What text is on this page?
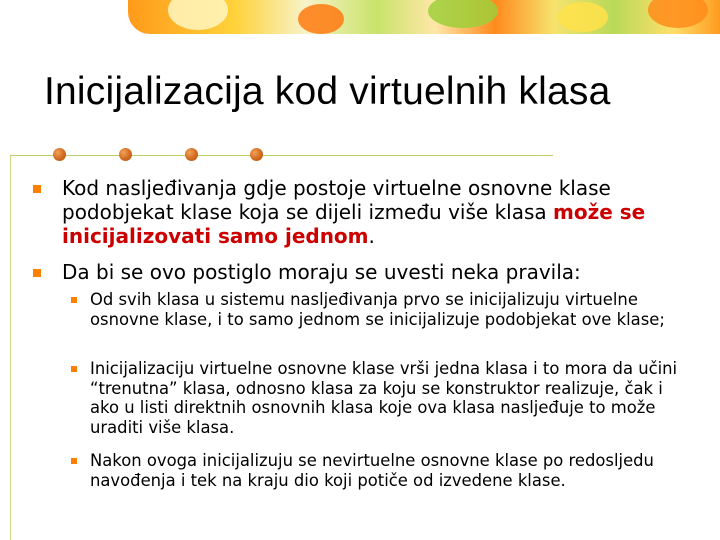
Inicijalizacija kod virtuelnih klasa

Kod nasljeđivanja gdje postoje virtuelne osnovne klase podobjekat klase koja se dijeli između više klasa može se inicijalizovati samo jednom.

Da bi se ovo postiglo moraju se uvesti neka pravila:

Od svih klasa u sistemu nasljeđivanja prvo se inicijalizuju virtuelne osnovne klase, i to samo jednom se inicijalizuje podobjekat ove klase;

Inicijalizaciju virtuelne osnovne klase vrši jedna klasa i to mora da učini “trenutna” klasa, odnosno klasa za koju se konstruktor realizuje, čak i ako u listi direktnih osnovnih klasa koje ova klasa nasljeđuje to može uraditi više klasa.

Nakon ovoga inicijalizuju se nevirtuelne osnovne klase po redosljedu navođenja i tek na kraju dio koji potiče od izvedene klase.
